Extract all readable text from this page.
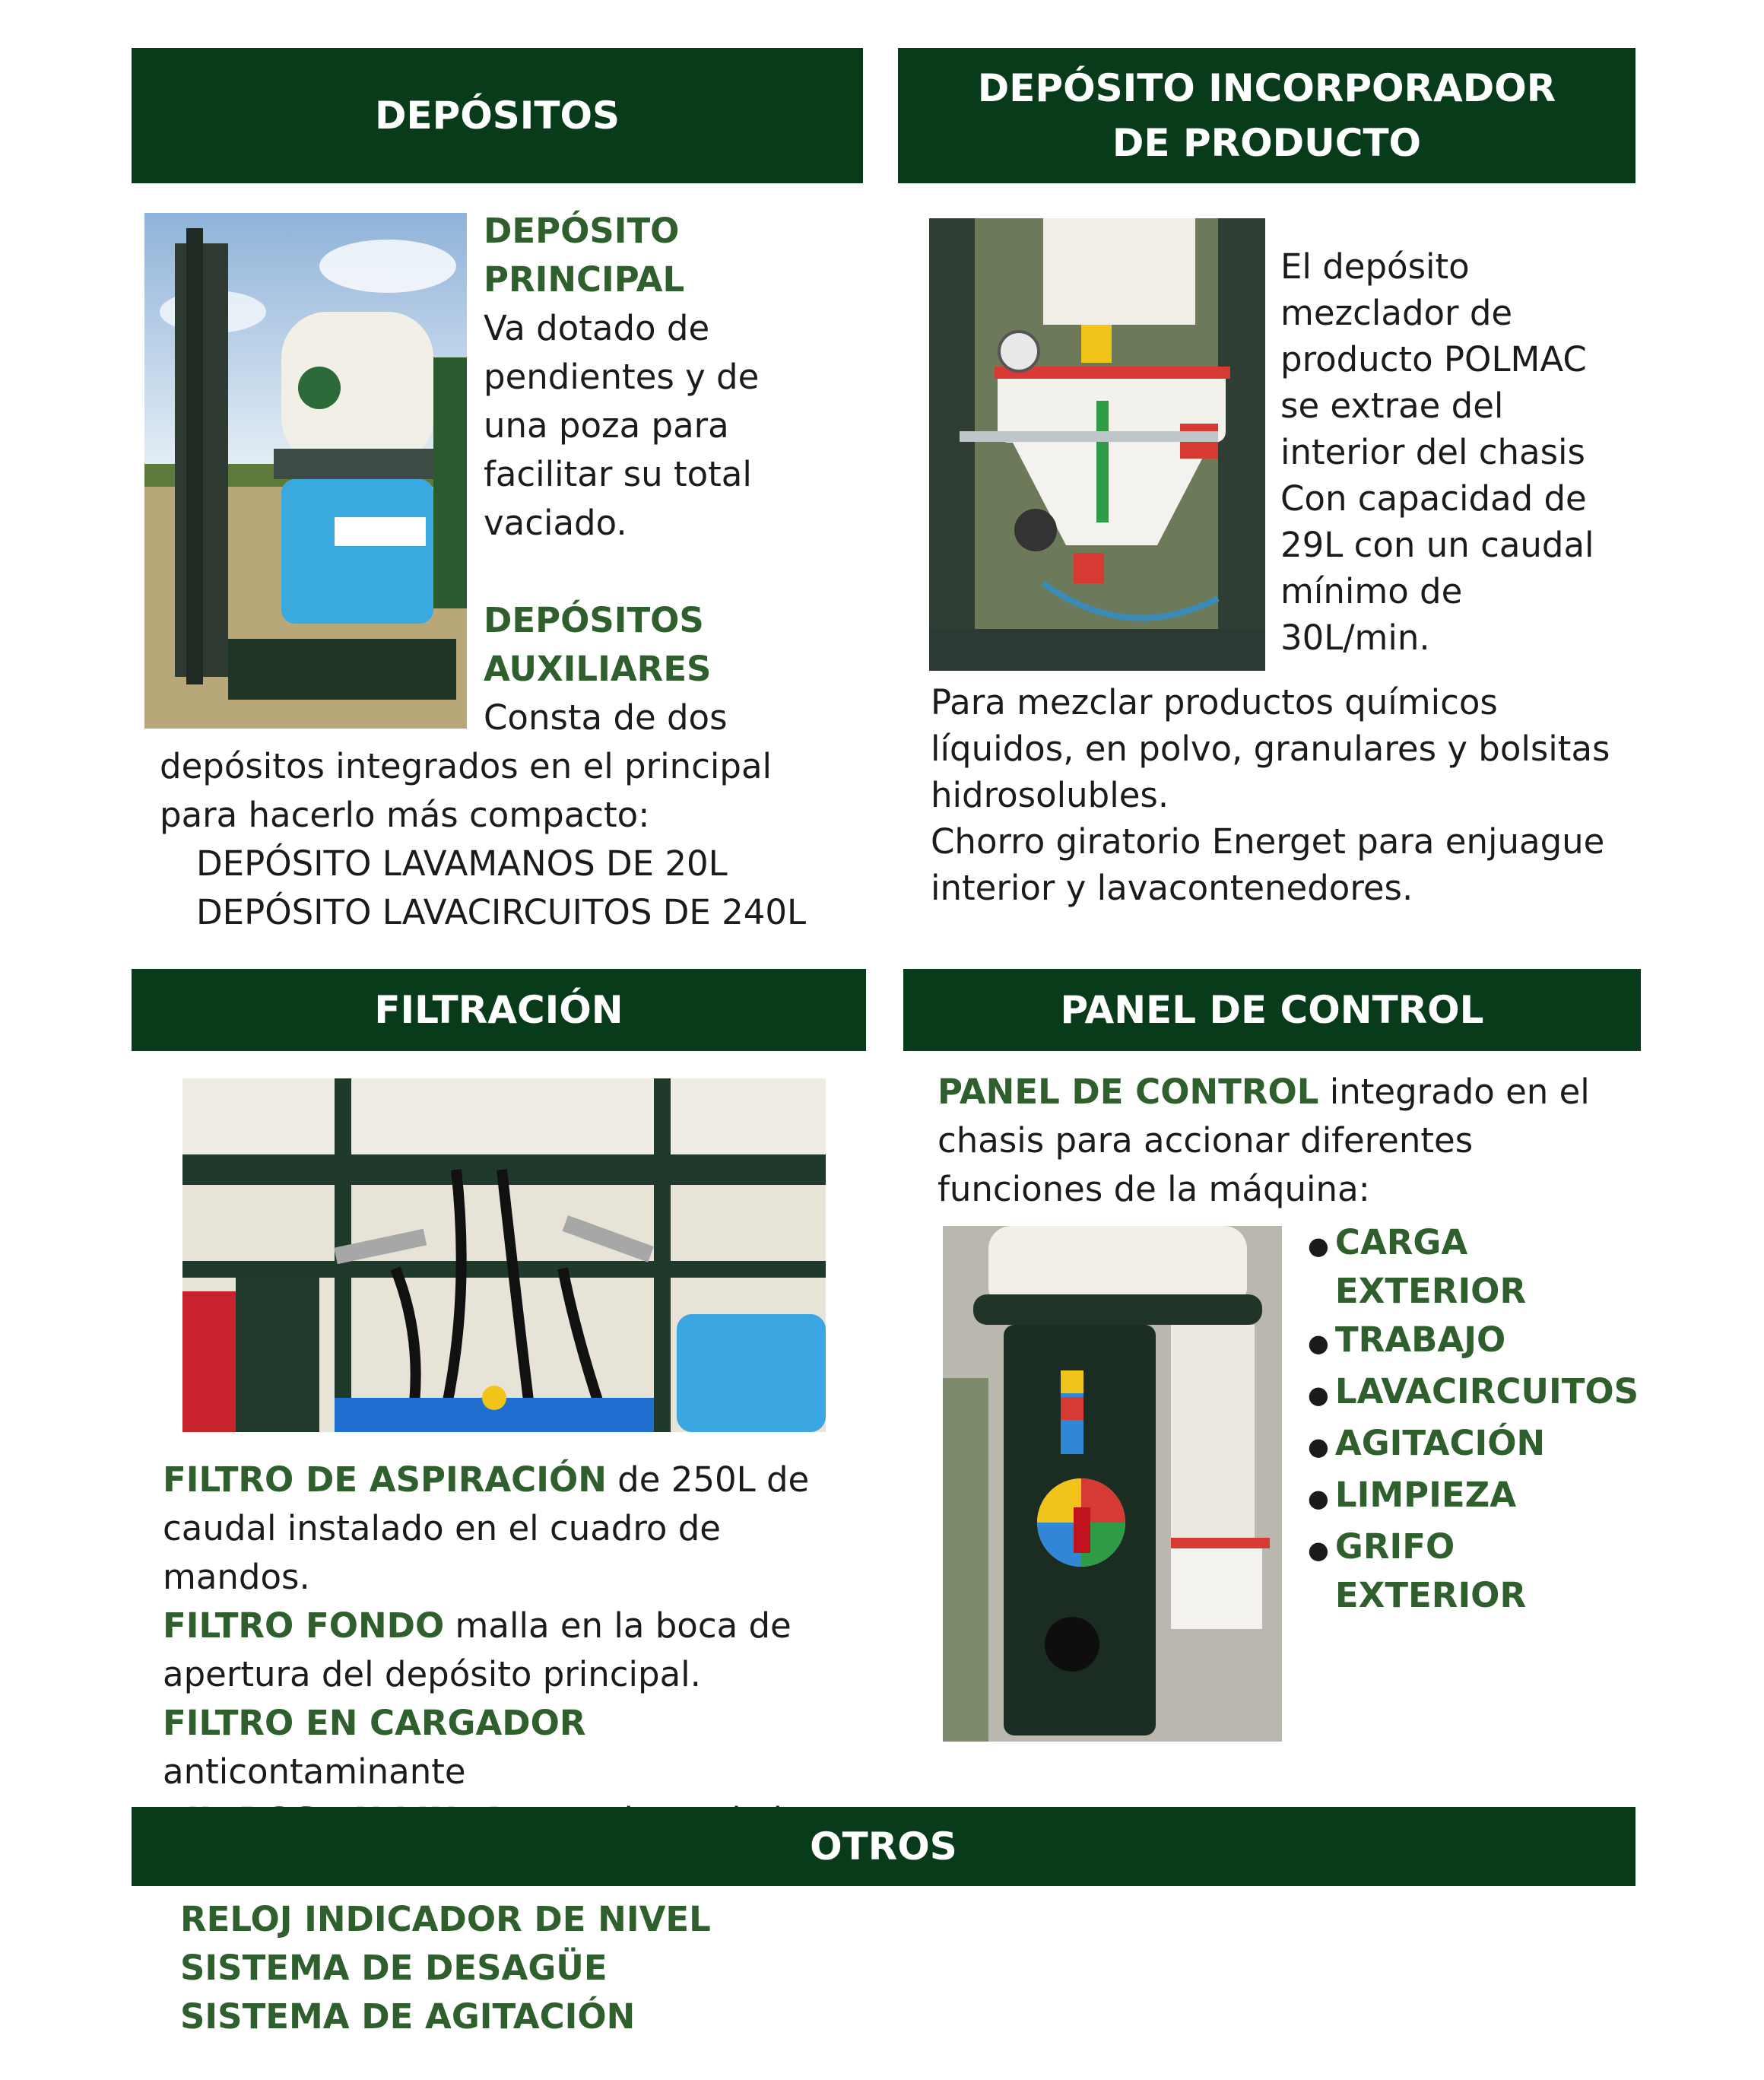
DEPÓSITOS

DEPÓSITO PRINCIPAL

Va dotado de pendientes y de una poza para facilitar su total vaciado.

DEPÓSITOS AUXILIARES

Consta de dos

depósitos integrados en el principal

para hacerlo más compacto:

DEPÓSITO LAVAMANOS DE 20L

DEPÓSITO LAVACIRCUITOS DE 240L

DEPÓSITO INCORPORADOR
DE PRODUCTO

El depósito mezclador de producto POLMAC se extrae del interior del chasis Con capacidad de 29L con un caudal mínimo de 30L/min.

Para mezclar productos químicos líquidos, en polvo, granulares y bolsitas hidrosolubles.

Chorro giratorio Energet para enjuague interior y lavacontenedores.

FILTRACIÓN

FILTRO DE ASPIRACIÓN de 250L de caudal instalado en el cuadro de mandos.

FILTRO FONDO malla en la boca de apertura del depósito principal.

FILTRO EN CARGADOR anticontaminante

PANEL DE CONTROL

PANEL DE CONTROL integrado en el chasis para accionar diferentes funciones de la máquina:

● CARGA EXTERIOR
● TRABAJO
● LAVACIRCUITOS
● AGITACIÓN
● LIMPIEZA
● GRIFO EXTERIOR
OTROS

RELOJ INDICADOR DE NIVEL

SISTEMA DE DESAGÜE

SISTEMA DE AGITACIÓN
